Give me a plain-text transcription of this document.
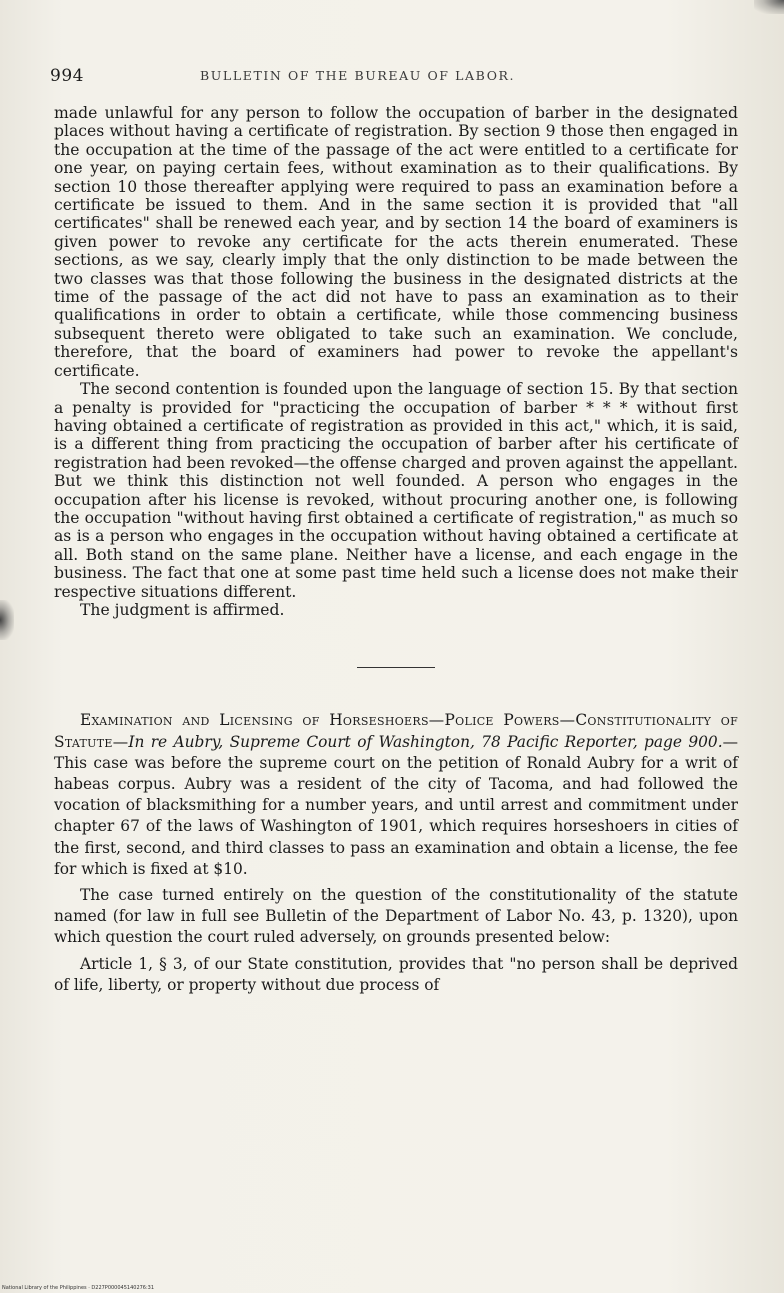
994	BULLETIN OF THE BUREAU OF LABOR.

made unlawful for any person to follow the occupation of barber in the designated places without having a certificate of registration. By section 9 those then engaged in the occupation at the time of the passage of the act were entitled to a certificate for one year, on paying certain fees, without examination as to their qualifications. By section 10 those thereafter applying were required to pass an examination before a certificate be issued to them. And in the same section it is provided that "all certificates" shall be renewed each year, and by section 14 the board of examiners is given power to revoke any certificate for the acts therein enumerated. These sections, as we say, clearly imply that the only distinction to be made between the two classes was that those following the business in the designated districts at the time of the passage of the act did not have to pass an examination as to their qualifications in order to obtain a certificate, while those commencing business subsequent thereto were obligated to take such an examination. We conclude, therefore, that the board of examiners had power to revoke the appellant's certificate.

The second contention is founded upon the language of section 15. By that section a penalty is provided for "practicing the occupation of barber * * * without first having obtained a certificate of registration as provided in this act," which, it is said, is a different thing from practicing the occupation of barber after his certificate of registration had been revoked—the offense charged and proven against the appellant. But we think this distinction not well founded. A person who engages in the occupation after his license is revoked, without procuring another one, is following the occupation "without having first obtained a certificate of registration," as much so as is a person who engages in the occupation without having obtained a certificate at all. Both stand on the same plane. Neither have a license, and each engage in the business. The fact that one at some past time held such a license does not make their respective situations different.

The judgment is affirmed.

Examination and Licensing of Horseshoers—Police Powers—Constitutionality of Statute—In re Aubry, Supreme Court of Washington, 78 Pacific Reporter, page 900.—This case was before the supreme court on the petition of Ronald Aubry for a writ of habeas corpus. Aubry was a resident of the city of Tacoma, and had followed the vocation of blacksmithing for a number years, and until arrest and commitment under chapter 67 of the laws of Washington of 1901, which requires horseshoers in cities of the first, second, and third classes to pass an examination and obtain a license, the fee for which is fixed at $10.

The case turned entirely on the question of the constitutionality of the statute named (for law in full see Bulletin of the Department of Labor No. 43, p. 1320), upon which question the court ruled adversely, on grounds presented below:

Article 1, § 3, of our State constitution, provides that "no person shall be deprived of life, liberty, or property without due process of

National Library of the Philippines · D227P000045140276:31
